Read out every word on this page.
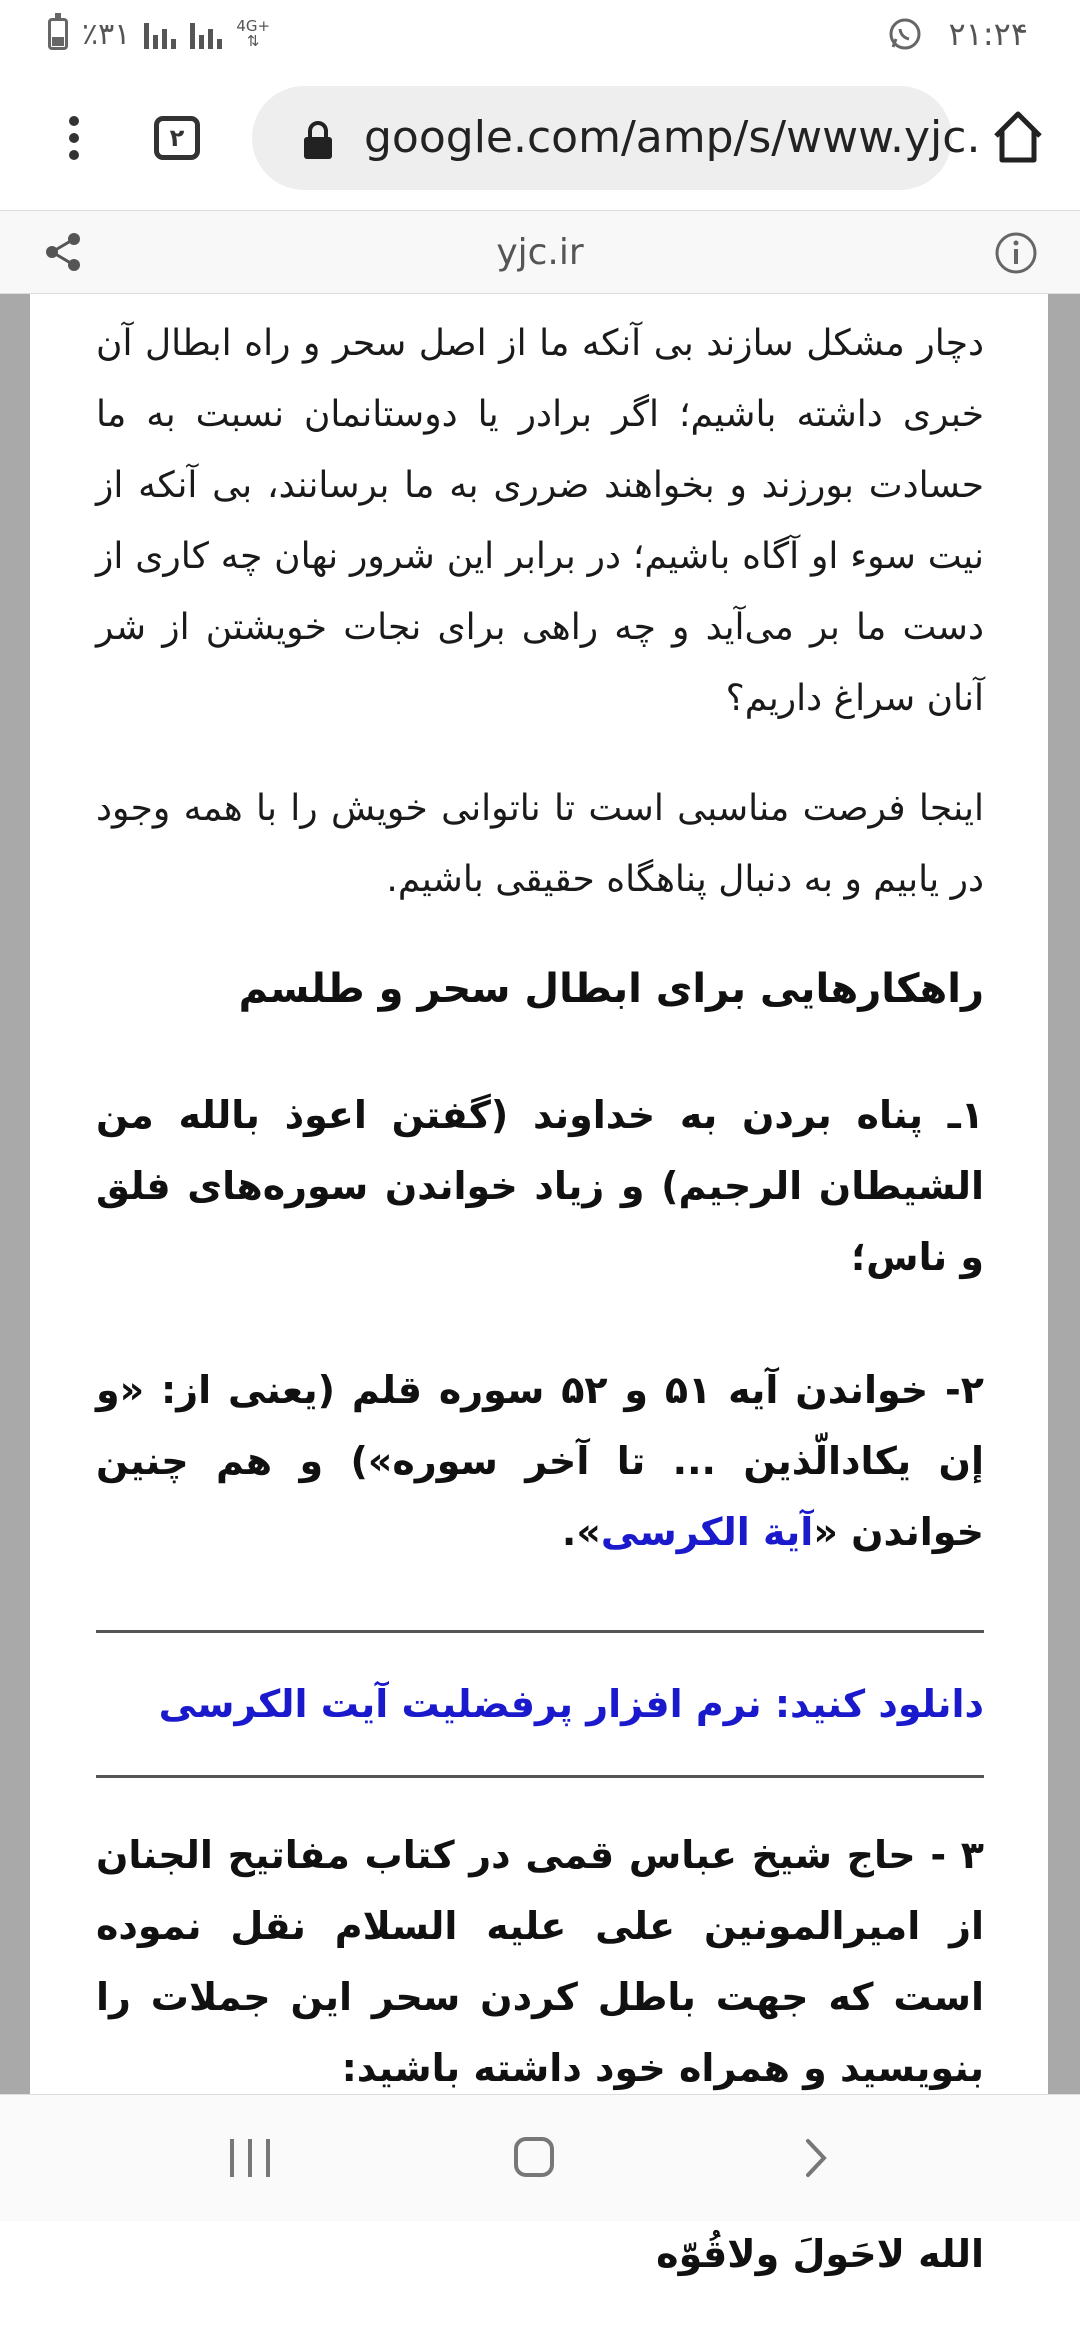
٪۳۱	4G+
⇅	۲۱:۲۴
۲	google.com/amp/s/www.yjc.
yjc.ir

دچار مشکل سازند بی آنکه ما از اصل سحر و راه ابطال آن خبری داشته باشیم؛ اگر برادر یا دوستانمان نسبت به ما حسادت بورزند و بخواهند ضرری به ما برسانند، بی آنکه از نیت سوء او آگاه باشیم؛ در برابر این شرور نهان چه کاری از دست ما بر می‌آید و چه راهی برای نجات خویشتن از شر آنان سراغ داریم؟

اینجا فرصت مناسبی است تا ناتوانی خویش را با همه وجود در یابیم و به دنبال پناهگاه حقیقی باشیم.

راهکارهایی برای ابطال سحر و طلسم

۱ـ پناه بردن به خداوند (گفتن اعوذ بالله من الشیطان الرجیم) و زیاد خواندن سوره‌های فلق و ناس؛

۲- خواندن آیه ۵۱ و ۵۲ سوره قلم (یعنی از: «و إن یکادالّذین ... تا آخر سوره») و هم چنین خواندن «آیة الکرسی».

دانلود کنید: نرم افزار پرفضلیت آیت الکرسی

۳ - حاج شیخ عباس قمی در کتاب مفاتیح الجنان از امیرالمونین علی علیه السلام نقل نموده است که جهت باطل کردن سحر این جملات را بنویسید و همراه خود داشته باشید:

الله لاحَولَ ولاقُوّه
